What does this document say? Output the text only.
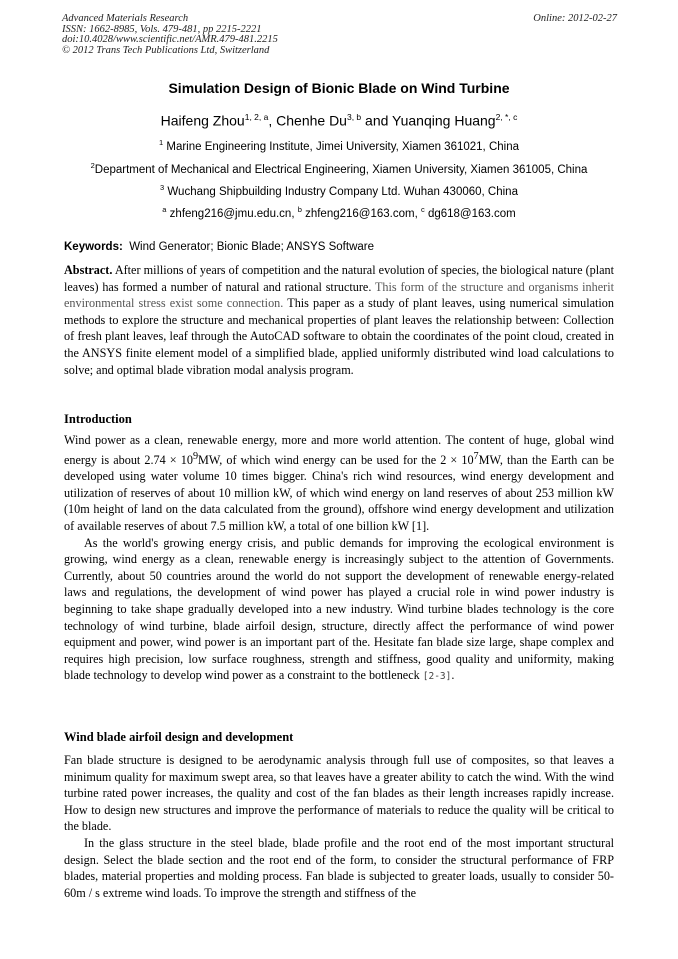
Advanced Materials Research
ISSN: 1662-8985, Vols. 479-481, pp 2215-2221
doi:10.4028/www.scientific.net/AMR.479-481.2215
© 2012 Trans Tech Publications Ltd, Switzerland
Online: 2012-02-27
Simulation Design of Bionic Blade on Wind Turbine
Haifeng Zhou$^{1, 2, a}$, Chenhe Du$^{3, b}$ and Yuanqing Huang$^{2, *, c}$
$^1$ Marine Engineering Institute, Jimei University, Xiamen 361021, China
$^2$Department of Mechanical and Electrical Engineering, Xiamen University, Xiamen 361005, China
$^3$ Wuchang Shipbuilding Industry Company Ltd. Wuhan 430060, China
$^a$ zhfeng216@jmu.edu.cn, $^b$ zhfeng216@163.com, $^c$ dg618@163.com
Keywords: Wind Generator; Bionic Blade; ANSYS Software

Abstract. After millions of years of competition and the natural evolution of species, the biological nature (plant leaves) has formed a number of natural and rational structure. This form of the structure and organisms inherit environmental stress exist some connection. This paper as a study of plant leaves, using numerical simulation methods to explore the structure and mechanical properties of plant leaves the relationship between: Collection of fresh plant leaves, leaf through the AutoCAD software to obtain the coordinates of the point cloud, created in the ANSYS finite element model of a simplified blade, applied uniformly distributed wind load calculations to solve; and optimal blade vibration modal analysis program.

Introduction

Wind power as a clean, renewable energy, more and more world attention. The content of huge, global wind energy is about $2.74 \times 10^9MW$, of which wind energy can be used for the $2 \times 10^7MW$, than the Earth can be developed using water volume 10 times bigger. China's rich wind resources, wind energy development and utilization of reserves of about 10 million kW, of which wind energy on land reserves of about 253 million kW (10m height of land on the data calculated from the ground), offshore wind energy development and utilization of available reserves of about 7.5 million kW, a total of one billion kW [1].

As the world's growing energy crisis, and public demands for improving the ecological environment is growing, wind energy as a clean, renewable energy is increasingly subject to the attention of Governments. Currently, about 50 countries around the world do not support the development of renewable energy-related laws and regulations, the development of wind power has played a crucial role in wind power industry is beginning to take shape gradually developed into a new industry. Wind turbine blades technology is the core technology of wind turbine, blade airfoil design, structure, directly affect the performance of wind power equipment and power, wind power is an important part of the. Hesitate fan blade size large, shape complex and requires high precision, low surface roughness, strength and stiffness, good quality and uniformity, making blade technology to develop wind power as a constraint to the bottleneck [2-3].

Wind blade airfoil design and development

Fan blade structure is designed to be aerodynamic analysis through full use of composites, so that leaves a minimum quality for maximum swept area, so that leaves have a greater ability to catch the wind. With the wind turbine rated power increases, the quality and cost of the fan blades as their length increases rapidly increase. How to design new structures and improve the performance of materials to reduce the quality will be critical to the blade.

In the glass structure in the steel blade, blade profile and the root end of the most important structural design. Select the blade section and the root end of the form, to consider the structural performance of FRP blades, material properties and molding process. Fan blade is subjected to greater loads, usually to consider 50-60m / s extreme wind loads. To improve the strength and stiffness of the
